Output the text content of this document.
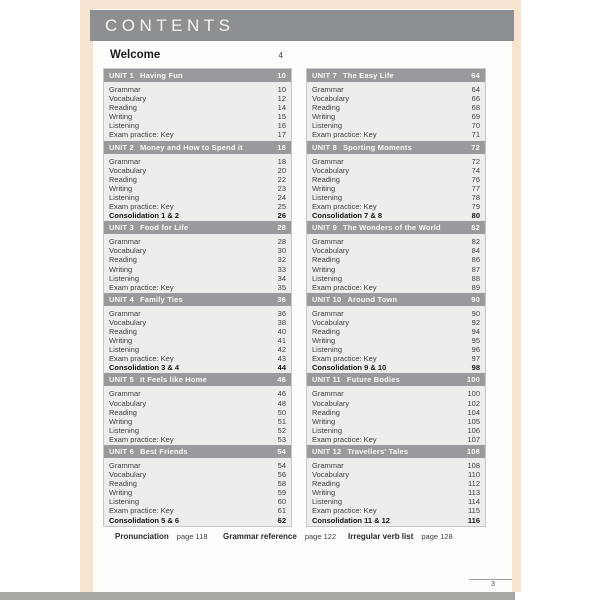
CONTENTS
Welcome	4
UNIT 1 Having Fun	10
Grammar	10
Vocabulary	12
Reading	14
Writing	15
Listening	16
Exam practice: Key	17
UNIT 2 Money and How to Spend it	18
Grammar	18
Vocabulary	20
Reading	22
Writing	23
Listening	24
Exam practice: Key	25
Consolidation 1 & 2	26
UNIT 3 Food for Life	28
Grammar	28
Vocabulary	30
Reading	32
Writing	33
Listening	34
Exam practice: Key	35
UNIT 4 Family Ties	36
Grammar	36
Vocabulary	38
Reading	40
Writing	41
Listening	42
Exam practice: Key	43
Consolidation 3 & 4	44
UNIT 5 It Feels like Home	46
Grammar	46
Vocabulary	48
Reading	50
Writing	51
Listening	52
Exam practice: Key	53
UNIT 6 Best Friends	54
Grammar	54
Vocabulary	56
Reading	58
Writing	59
Listening	60
Exam practice: Key	61
Consolidation 5 & 6	62
UNIT 7 The Easy Life	64
Grammar	64
Vocabulary	66
Reading	68
Writing	69
Listening	70
Exam practice: Key	71
UNIT 8 Sporting Moments	72
Grammar	72
Vocabulary	74
Reading	76
Writing	77
Listening	78
Exam practice: Key	79
Consolidation 7 & 8	80
UNIT 9 The Wonders of the World	82
Grammar	82
Vocabulary	84
Reading	86
Writing	87
Listening	88
Exam practice: Key	89
UNIT 10 Around Town	90
Grammar	90
Vocabulary	92
Reading	94
Writing	95
Listening	96
Exam practice: Key	97
Consolidation 9 & 10	98
UNIT 11 Future Bodies	100
Grammar	100
Vocabulary	102
Reading	104
Writing	105
Listening	106
Exam practice: Key	107
UNIT 12 Travellers' Tales	108
Grammar	108
Vocabulary	110
Reading	112
Writing	113
Listening	114
Exam practice: Key	115
Consolidation 11 & 12	116
Pronunciation page 118 Grammar reference page 122 Irregular verb list page 128
3
